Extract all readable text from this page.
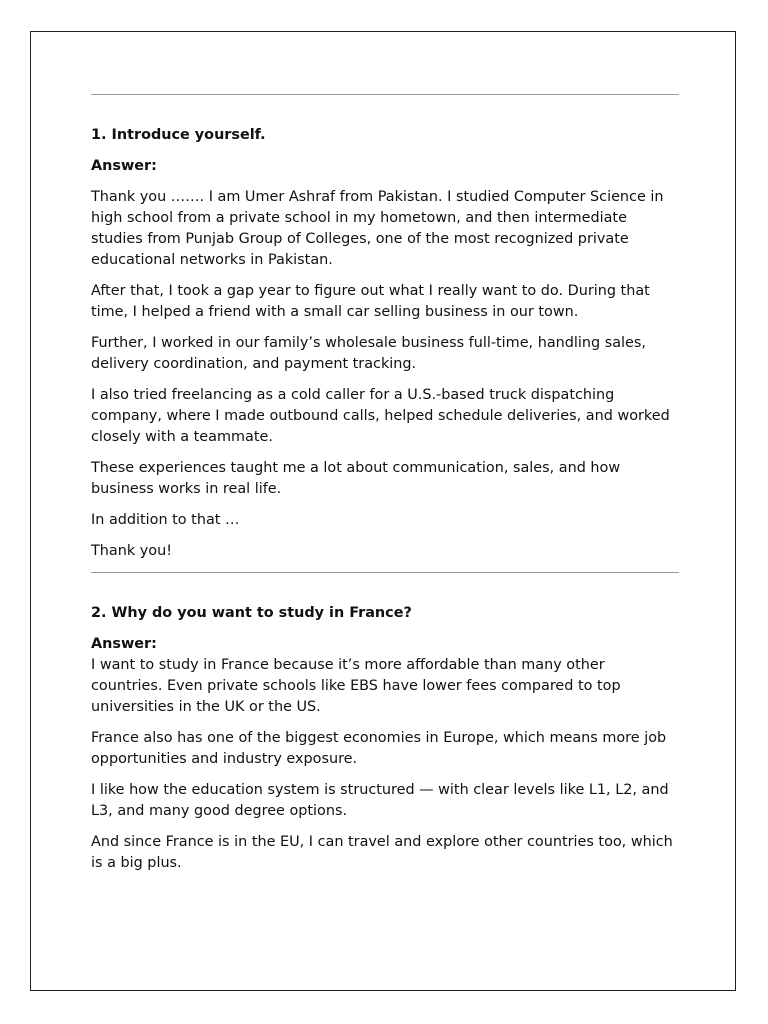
1. Introduce yourself.
Answer:

Thank you ……. I am Umer Ashraf from Pakistan. I studied Computer Science in high school from a private school in my hometown, and then intermediate studies from Punjab Group of Colleges, one of the most recognized private educational networks in Pakistan.

After that, I took a gap year to figure out what I really want to do. During that time, I helped a friend with a small car selling business in our town.

Further, I worked in our family’s wholesale business full-time, handling sales, delivery coordination, and payment tracking.

I also tried freelancing as a cold caller for a U.S.-based truck dispatching company, where I made outbound calls, helped schedule deliveries, and worked closely with a teammate.

These experiences taught me a lot about communication, sales, and how business works in real life.

In addition to that …

Thank you!

2. Why do you want to study in France?
Answer:

I want to study in France because it’s more affordable than many other countries. Even private schools like EBS have lower fees compared to top universities in the UK or the US.

France also has one of the biggest economies in Europe, which means more job opportunities and industry exposure.

I like how the education system is structured — with clear levels like L1, L2, and L3, and many good degree options.

And since France is in the EU, I can travel and explore other countries too, which is a big plus.
